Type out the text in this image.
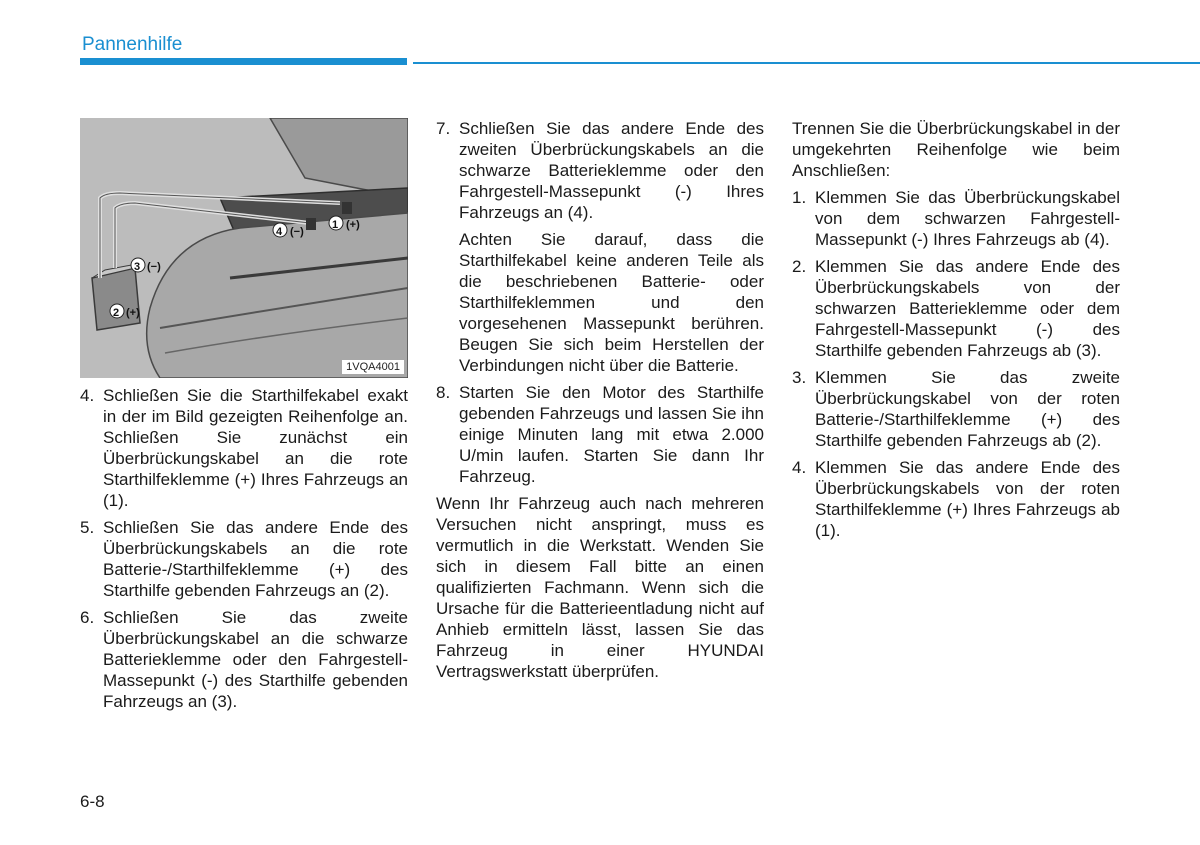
Pannenhilfe
1 (+)
4 (−)
3 (−)
2 (+)
1VQA4001
4. Schließen Sie die Starthilfekabel exakt in der im Bild gezeigten Reihenfolge an. Schließen Sie zunächst ein Überbrückungskabel an die rote Starthilfeklemme (+) Ihres Fahrzeugs an (1).
5. Schließen Sie das andere Ende des Überbrückungskabels an die rote Batterie-/Starthilfeklemme (+) des Starthilfe gebenden Fahrzeugs an (2).
6. Schließen Sie das zweite Überbrückungskabel an die schwarze Batterieklemme oder den Fahrgestell-Massepunkt (-) des Starthilfe gebenden Fahrzeugs an (3).
7. Schließen Sie das andere Ende des zweiten Überbrückungskabels an die schwarze Batterieklemme oder den Fahrgestell-Massepunkt (-) Ihres Fahrzeugs an (4).

Achten Sie darauf, dass die Starthilfekabel keine anderen Teile als die beschriebenen Batterie- oder Starthilfeklemmen und den vorgesehenen Massepunkt berühren. Beugen Sie sich beim Herstellen der Verbindungen nicht über die Batterie.

8. Starten Sie den Motor des Starthilfe gebenden Fahrzeugs und lassen Sie ihn einige Minuten lang mit etwa 2.000 U/min laufen. Starten Sie dann Ihr Fahrzeug.

Wenn Ihr Fahrzeug auch nach mehreren Versuchen nicht anspringt, muss es vermutlich in die Werkstatt. Wenden Sie sich in diesem Fall bitte an einen qualifizierten Fachmann. Wenn sich die Ursache für die Batterieentladung nicht auf Anhieb ermitteln lässt, lassen Sie das Fahrzeug in einer HYUNDAI Vertragswerkstatt überprüfen.

Trennen Sie die Überbrückungskabel in der umgekehrten Reihenfolge wie beim Anschließen:

1. Klemmen Sie das Überbrückungskabel von dem schwarzen Fahrgestell-Massepunkt (-) Ihres Fahrzeugs ab (4).
2. Klemmen Sie das andere Ende des Überbrückungskabels von der schwarzen Batterieklemme oder dem Fahrgestell-Massepunkt (-) des Starthilfe gebenden Fahrzeugs ab (3).
3. Klemmen Sie das zweite Überbrückungskabel von der roten Batterie-/Starthilfeklemme (+) des Starthilfe gebenden Fahrzeugs ab (2).
4. Klemmen Sie das andere Ende des Überbrückungskabels von der roten Starthilfeklemme (+) Ihres Fahrzeugs ab (1).
6-8
